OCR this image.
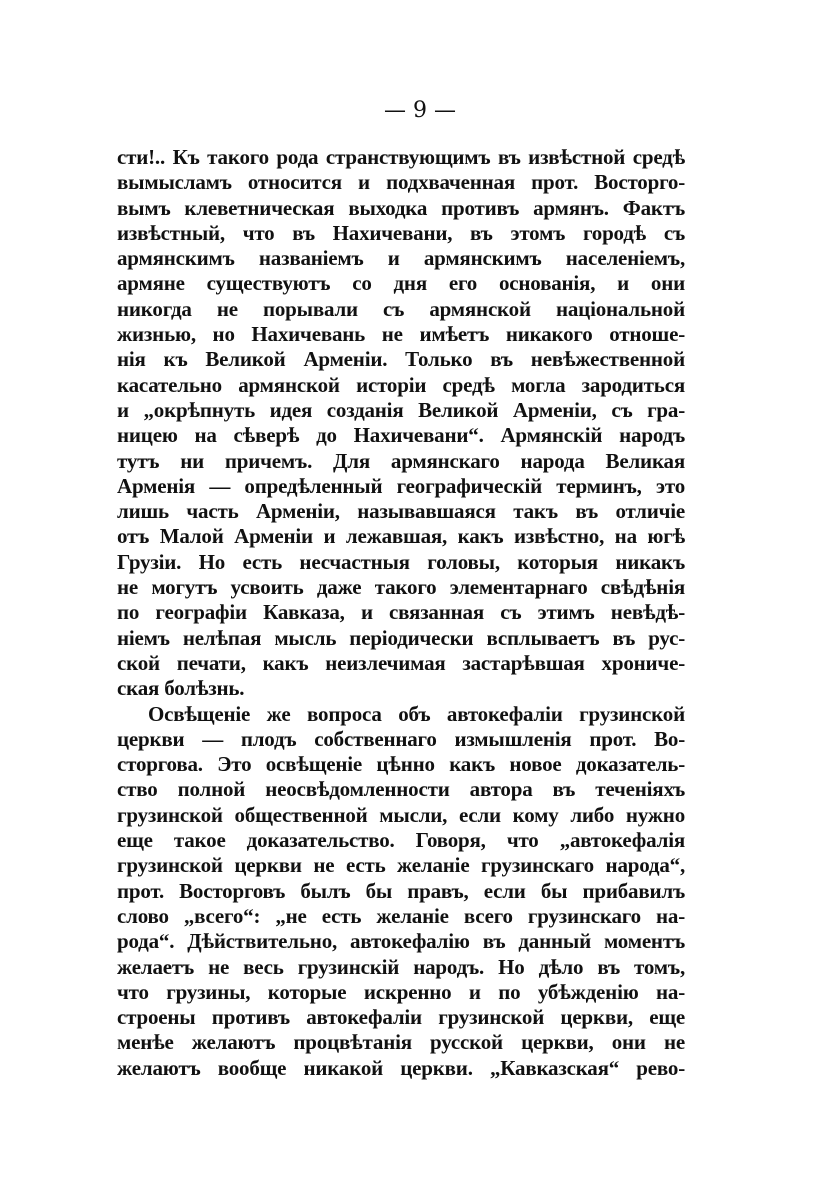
— 9 —
сти!.. Къ такого рода странствующимъ въ извѣстной средѣ
вымысламъ относится и подхваченная прот. Восторго-
вымъ клеветническая выходка противъ армянъ. Фактъ
извѣстный, что въ Нахичевани, въ этомъ городѣ съ
армянскимъ названіемъ и армянскимъ населеніемъ,
армяне существуютъ со дня его основанія, и они
никогда не порывали съ армянской національной
жизнью, но Нахичевань не имѣетъ никакого отноше-
нія къ Великой Арменіи. Только въ невѣжественной
касательно армянской исторіи средѣ могла зародиться
и „окрѣпнуть идея созданія Великой Арменіи, съ гра-
ницею на сѣверѣ до Нахичевани“. Армянскій народъ
тутъ ни причемъ. Для армянскаго народа Великая
Арменія — опредѣленный географическій терминъ, это
лишь часть Арменіи, называвшаяся такъ въ отличіе
отъ Малой Арменіи и лежавшая, какъ извѣстно, на югѣ
Грузіи. Но есть несчастныя головы, которыя никакъ
не могутъ усвоить даже такого элементарнаго свѣдѣнія
по географіи Кавказа, и связанная съ этимъ невѣдѣ-
ніемъ нелѣпая мысль періодически всплываетъ въ рус-
ской печати, какъ неизлечимая застарѣвшая хрониче-
ская болѣзнь.
Освѣщеніе же вопроса объ автокефаліи грузинской
церкви — плодъ собственнаго измышленія прот. Во-
сторгова. Это освѣщеніе цѣнно какъ новое доказатель-
ство полной неосвѣдомленности автора въ теченіяхъ
грузинской общественной мысли, если кому либо нужно
еще такое доказательство. Говоря, что „автокефалія
грузинской церкви не есть желаніе грузинскаго народа“,
прот. Восторговъ былъ бы правъ, если бы прибавилъ
слово „всего“: „не есть желаніе всего грузинскаго на-
рода“. Дѣйствительно, автокефалію въ данный моментъ
желаетъ не весь грузинскій народъ. Но дѣло въ томъ,
что грузины, которые искренно и по убѣжденію на-
строены противъ автокефаліи грузинской церкви, еще
менѣе желаютъ процвѣтанія русской церкви, они не
желаютъ вообще никакой церкви. „Кавказская“ рево-
